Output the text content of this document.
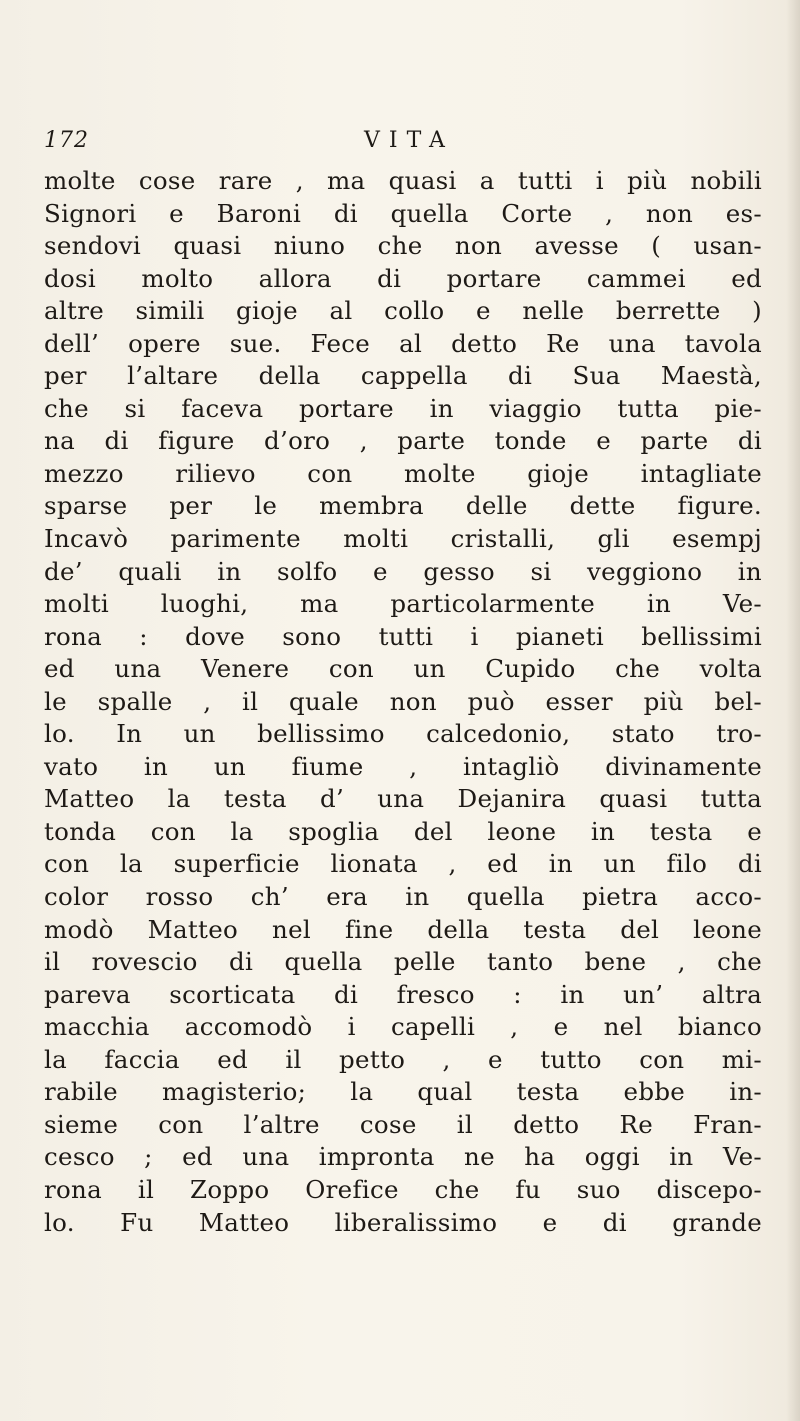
172	VITA
molte cose rare , ma quasi a tutti i più nobili
Signori e Baroni di quella Corte , non es-
sendovi quasi niuno che non avesse ( usan-
dosi molto allora di portare cammei ed
altre simili gioje al collo e nelle berrette )
dell’ opere sue. Fece al detto Re una tavola
per l’altare della cappella di Sua Maestà,
che si faceva portare in viaggio tutta pie-
na di figure d’oro , parte tonde e parte di
mezzo rilievo con molte gioje intagliate
sparse per le membra delle dette figure.
Incavò parimente molti cristalli, gli esempj
de’ quali in solfo e gesso si veggiono in
molti luoghi, ma particolarmente in Ve-
rona : dove sono tutti i pianeti bellissimi
ed una Venere con un Cupido che volta
le spalle , il quale non può esser più bel-
lo. In un bellissimo calcedonio, stato tro-
vato in un fiume , intagliò divinamente
Matteo la testa d’ una Dejanira quasi tutta
tonda con la spoglia del leone in testa e
con la superficie lionata , ed in un filo di
color rosso ch’ era in quella pietra acco-
modò Matteo nel fine della testa del leone
il rovescio di quella pelle tanto bene , che
pareva scorticata di fresco : in un’ altra
macchia accomodò i capelli , e nel bianco
la faccia ed il petto , e tutto con mi-
rabile magisterio; la qual testa ebbe in-
sieme con l’altre cose il detto Re Fran-
cesco ; ed una impronta ne ha oggi in Ve-
rona il Zoppo Orefice che fu suo discepo-
lo. Fu Matteo liberalissimo e di grande
